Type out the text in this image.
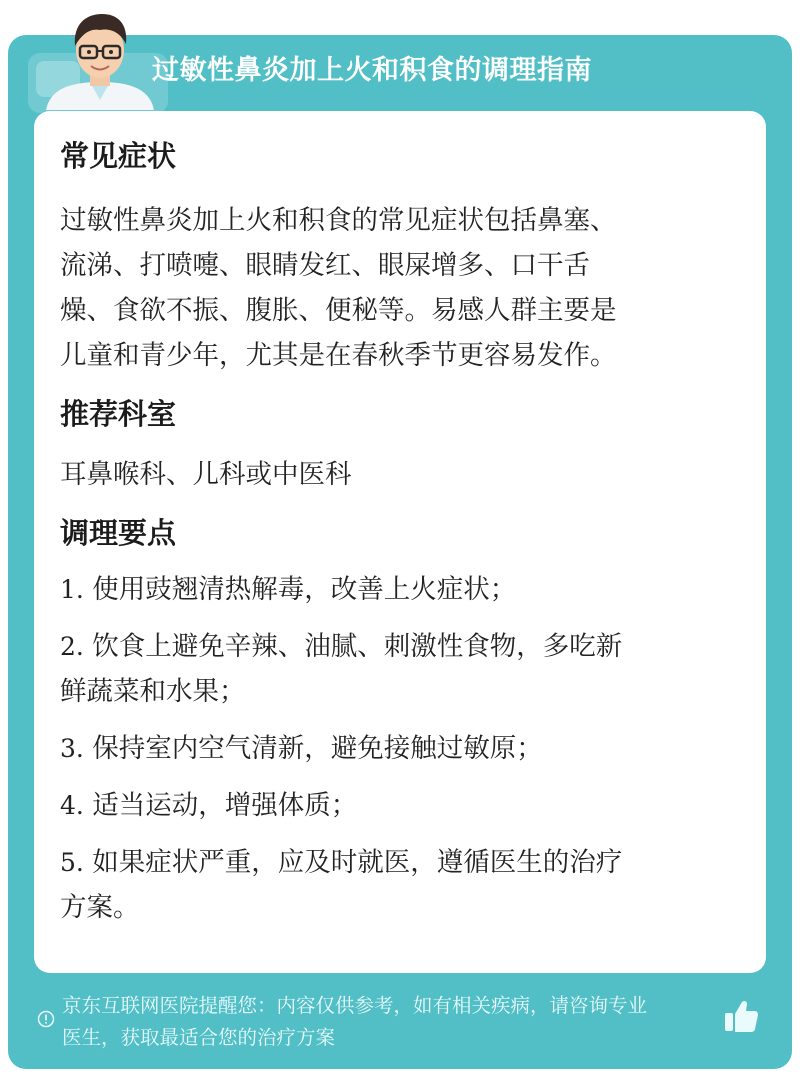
过敏性鼻炎加上火和积食的调理指南
常见症状

过敏性鼻炎加上火和积食的常见症状包括鼻塞、

流涕、打喷嚏、眼睛发红、眼屎增多、口干舌

燥、食欲不振、腹胀、便秘等。易感人群主要是

儿童和青少年，尤其是在春秋季节更容易发作。

推荐科室

耳鼻喉科、儿科或中医科

调理要点

1. 使用豉翘清热解毒，改善上火症状；

2. 饮食上避免辛辣、油腻、刺激性食物，多吃新

鲜蔬菜和水果；

3. 保持室内空气清新，避免接触过敏原；

4. 适当运动，增强体质；

5. 如果症状严重，应及时就医，遵循医生的治疗

方案。

京东互联网医院提醒您：内容仅供参考，如有相关疾病，请咨询专业
医生，获取最适合您的治疗方案
